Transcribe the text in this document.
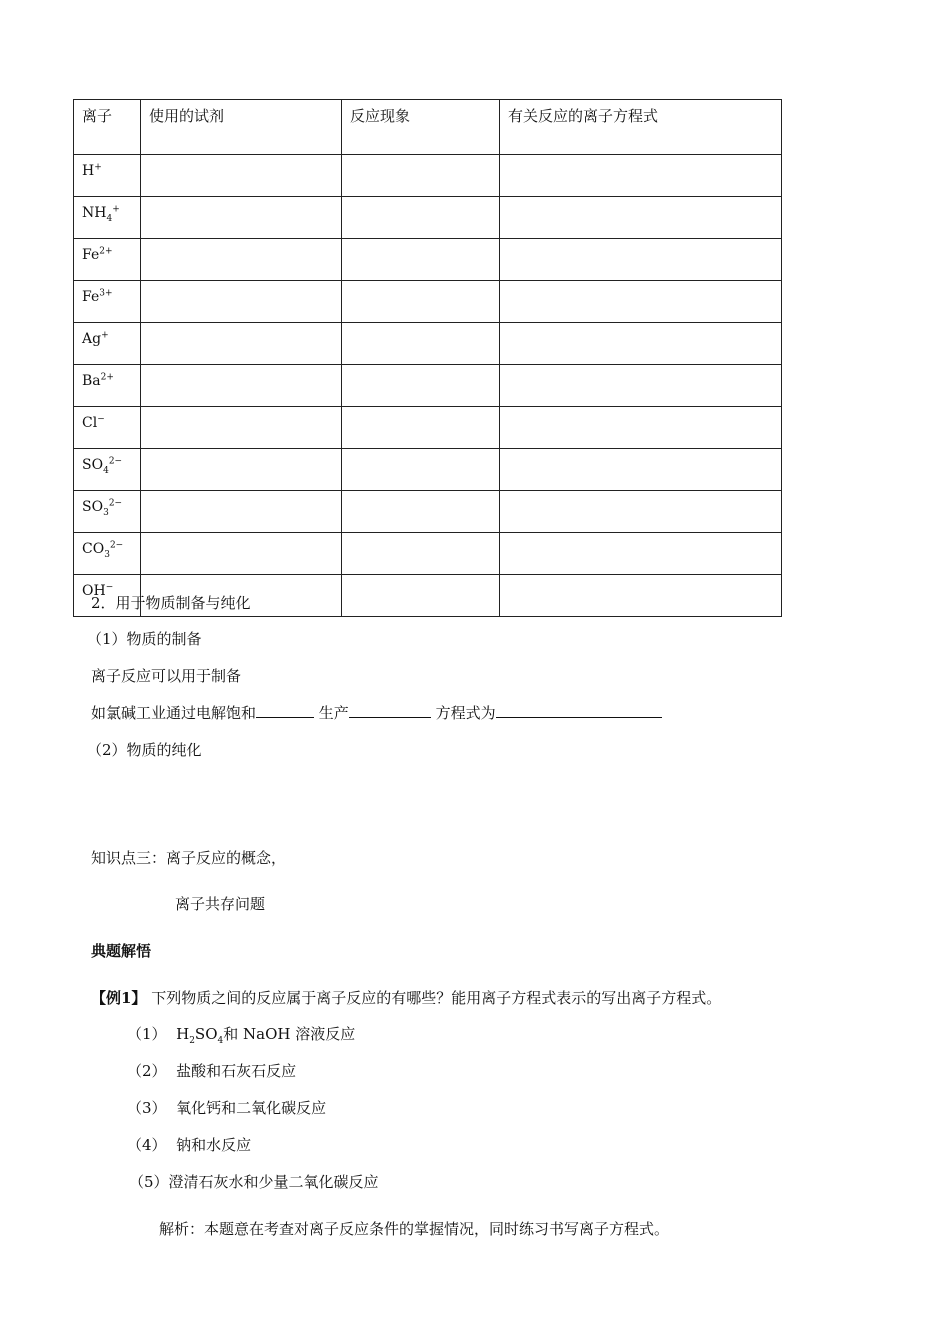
离子	使用的试剂	反应现象	有关反应的离子方程式
H+			
$NH_4^+$			
$Fe^{2+}$			
$Fe^{3+}$			
Ag+			
$Ba^{2+}$			
Cl−			
$SO_4^{2-}$			
$SO_3^{2-}$			
$CO_3^{2-}$			
OH−			
2．用于物质制备与纯化
（1）物质的制备
离子反应可以用于制备
如氯碱工业通过电解饱和	生产	方程式为
（2）物质的纯化
知识点三：离子反应的概念，
离子共存问题
典题解悟
【例1】 下列物质之间的反应属于离子反应的有哪些？能用离子方程式表示的写出离子方程式。
（1） $H_2SO_4$和 NaOH 溶液反应
（2） 盐酸和石灰石反应
（3） 氧化钙和二氧化碳反应
（4） 钠和水反应
（5）澄清石灰水和少量二氧化碳反应
解析：本题意在考查对离子反应条件的掌握情况，同时练习书写离子方程式。
